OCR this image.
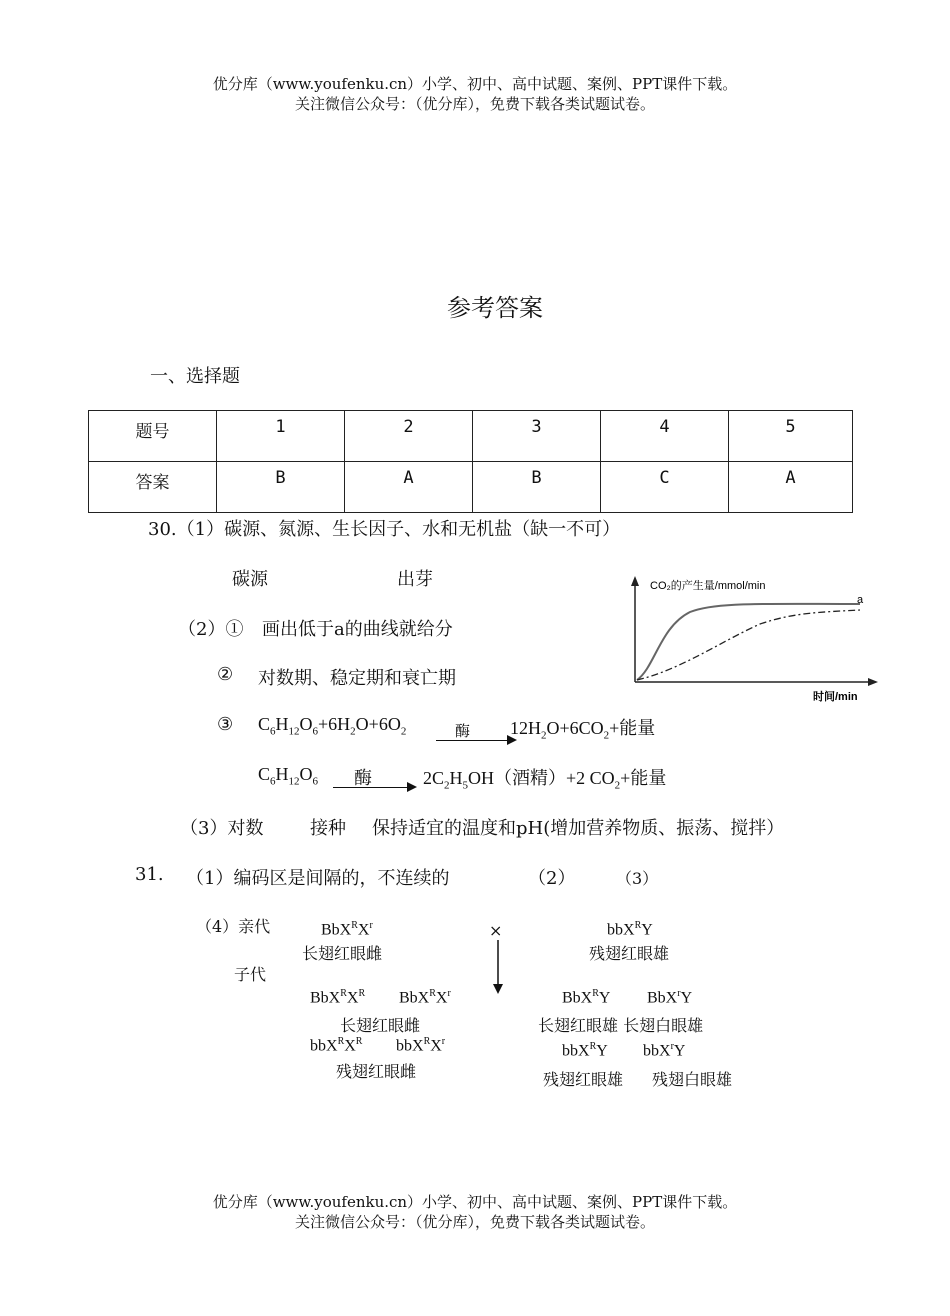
优分库（www.youfenku.cn）小学、初中、高中试题、案例、PPT课件下载。
关注微信公众号：（优分库），免费下载各类试题试卷。
参考答案
一、选择题
题号	1	2	3	4	5
答案	B	A	B	C	A
30.（1）碳源、氮源、生长因子、水和无机盐（缺一不可）
碳源	出芽
（2）① 画出低于a的曲线就给分
② 对数期、稳定期和衰亡期
③ $C_6H_{12}O_6+6H_2O+6O_2$	酶 $12H_2O+6CO_2+$能量
$C_6H_{12}O_6$ 酶	$2C_2H_5OH$（酒精）+2 $CO_2+$能量
（3）对数	接种 保持适宜的温度和pH(增加营养物质、振荡、搅拌）
CO₂的产生量/mmol/min
时间/min
a
31. （1）编码区是间隔的，不连续的	（2）	（3）
（4）亲代
子代
$BbX^RX^r$
长翅红眼雌
×	bbX$^R$Y
残翅红眼雄
$BbX^RX^R$ $BbX^RX^r$
长翅红眼雌
$bbX^RX^R$ $bbX^RX^r$
残翅红眼雌
BbX$^R$Y BbX$^r$Y
长翅红眼雄 长翅白眼雄
bbX$^R$Y bbX$^r$Y
残翅红眼雄 残翅白眼雄
优分库（www.youfenku.cn）小学、初中、高中试题、案例、PPT课件下载。
关注微信公众号：（优分库），免费下载各类试题试卷。
